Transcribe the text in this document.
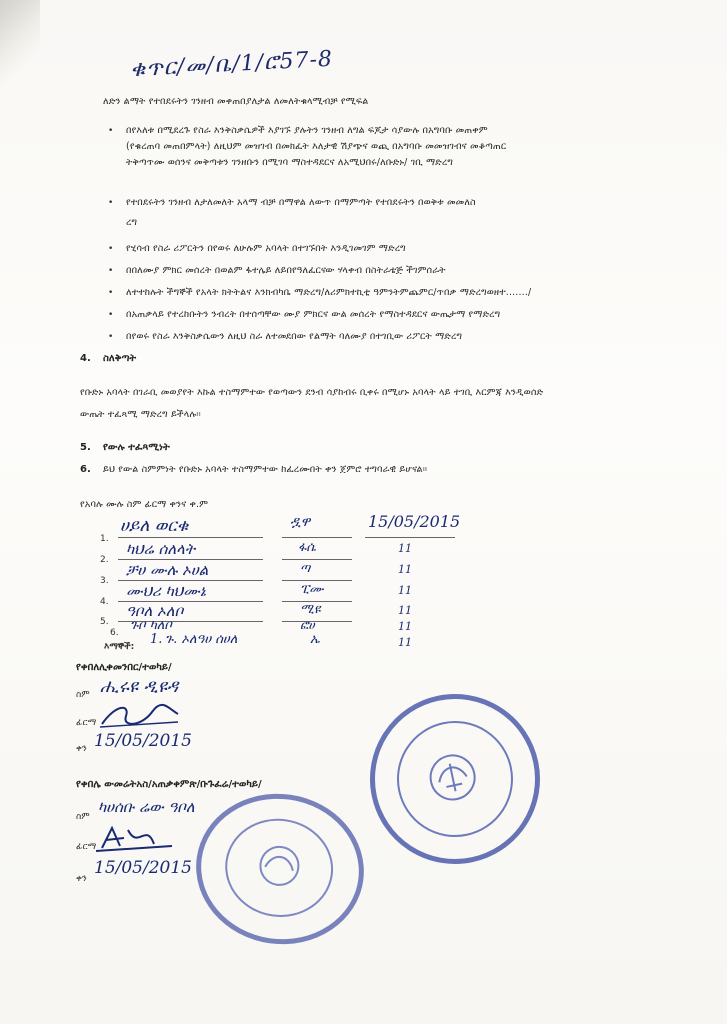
ቁጥር/መ/ቤ/1/ሮ57-8
ለድን ልማት የተበደሩትን ገንዘብ መቀጠበያለታል ለመለትቁላሚብቻ የሚፍል
• በየእለቱ በሚደረጉ የስራ እንቅስቃሴዎች እያገኙ ያሉትን ገንዘብ ለግል ፍጆታ ሳያውሉ በአግባቡ መጠቀም
(የቁረጠባ መጠበምላት) ለዚህም መዝገብ በመክፈት እለታዊ ሽያጭና ወጪ በአግባቡ መመዝገብና መቆጣጠር
ትቅጣጥሙ ወሰንና መቅጣቱን ገንዘቡን በሚገባ ማስተዳደርና ለአሚህበሩ/ለቡድኑ/ ገቢ ማድረግ
• የተበደሩትን ገንዘብ ለታለመለት አላማ ብቻ በማዋል ለውጥ በማምጣት የተበደሩትን በወቅቱ መመለስ
ረግ
• የሂሳብ የስራ ሪፖርትን በየወሩ ለሁሉም አባላት በተገኙበት እንዲገመገም ማድረግ
• በበለሙያ ምክር መሰረት በወልም ፋተሌይ ለይበየዓለፈርናው ሃላቀብ በስትራቴጅ ችገምሰራት
• ለተተከሉት ችግኞች የአላት ክትትልና እንክብካቤ ማድረግ/ለሪምክተኪቲ ዓምንትምጨምር/ጥበቃ ማድረግወዘተ......./
• በአጠቃላይ የተረከቡትን ንብረት በተሰጣቸው ሙያ ምክርና ውል መሰረት የማስተዳደርና ውጤታማ የማድረግ
• በየወሩ የስራ እንቅስቃሴውን ለዚህ ስራ ለተመደበው የልማት ባለሙያ በተገቢው ሪፖርት ማድረግ
4. ስለቅጣት
የቡድኑ አባላት በገራቢ መወያየት እኩል ተስማምተው የወጣውን ደንብ ሳያከብሩ ቢቀሩ በሚሆኑ አባላት ላይ ተገቢ እርምጃ እንዲወሰድ
ውጤት ተፈጻሚ ማድረግ ይችላሉ።
5. የውሉ ተፈጻሚነት
6. ይህ የውል ስምምነት የቡድኑ አባላት ተስማምተው ከፈረሙበት ቀን ጀምሮ ተግባራዊ ይሆናል።
የአባሉ ሙሉ ስም ፊርማ ቀንና ቀ.ም
1.
ሀይለ ወርቁ	ዷዋ	15/05/2015
2.
ካህሬ ሰለላት	ፋሴ	11
3.
ቻሀ ሙሉ ኦሀል	ጣ	11
4.
ሙህሪ ካህሙኔ	ፒሙ	11
5.
ዓቦለ ኦለቦ	ሚዩ	11
6. ጉቦ ካለቦ	ፎሀ	11
እማኞች: 1. ጉ. ኦለዓሀ ሰሀለ	ኤ	11
የቀበለሊቀመንበር/ተወካይ/
ስም ሒሩዩ ዲዩዳ
ፊርማ
ቀን 15/05/2015
የቀበሌ ውመሬትአስ/አጠቃቀምጽ/ቡጉፈሬ/ተወካይ/
ስም
ካሀሰቡ ሬው ዓቦለ
ፊርማ
ቀን
15/05/2015
